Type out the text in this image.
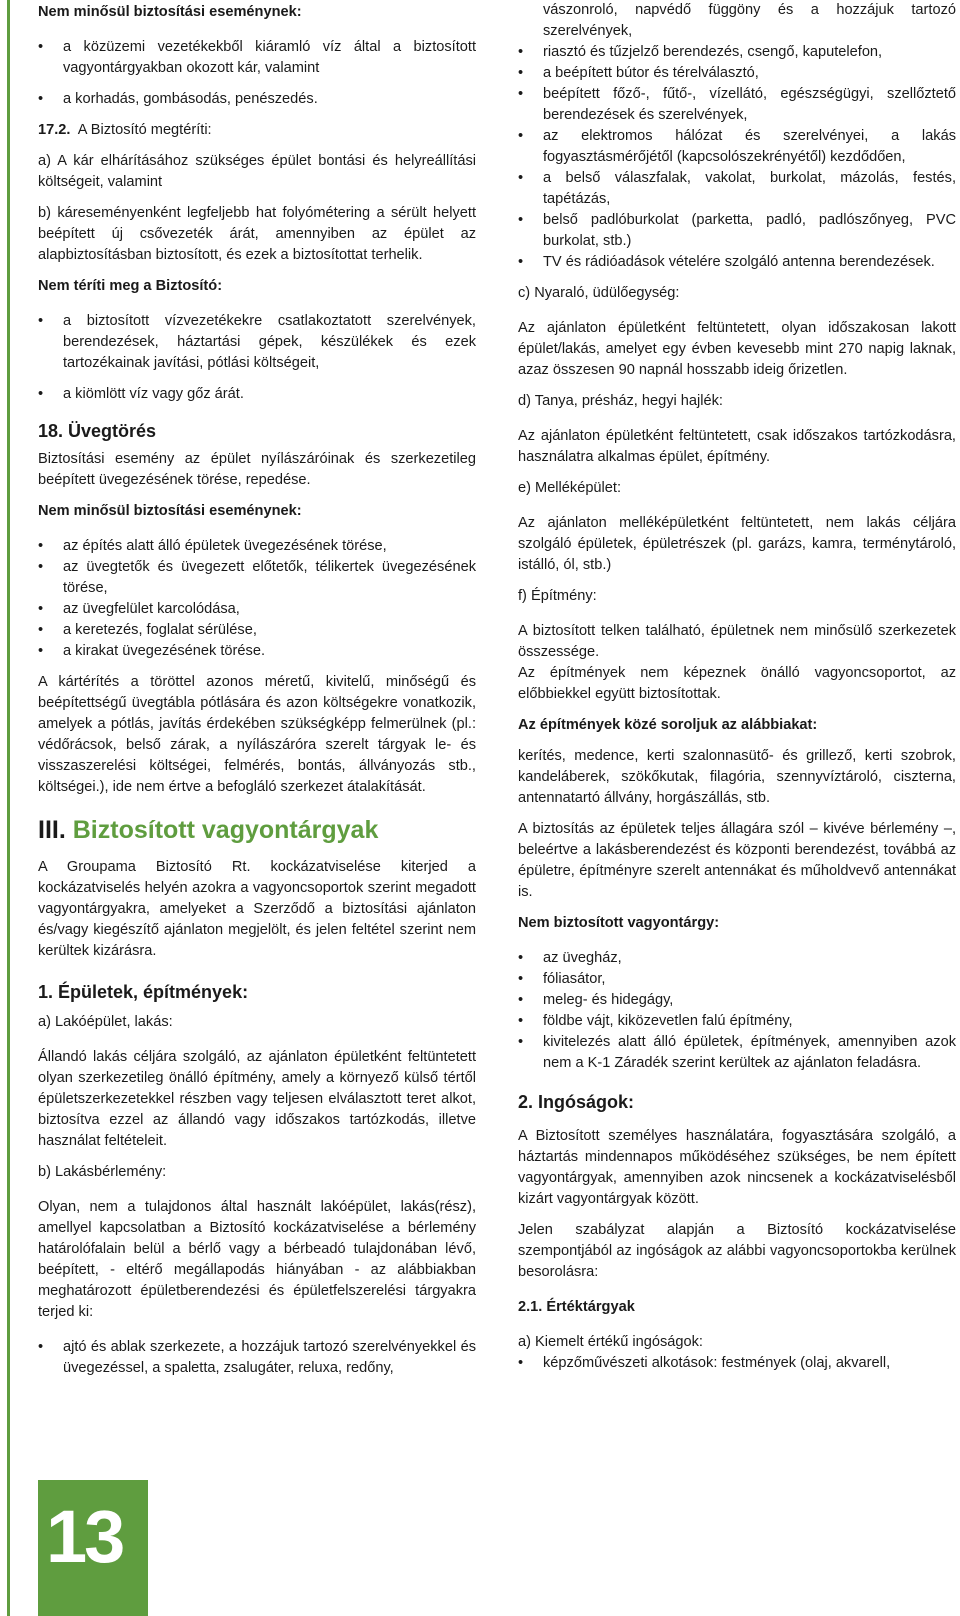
Nem minősül biztosítási eseménynek:

• a közüzemi vezetékekből kiáramló víz által a biztosított vagyontárgyakban okozott kár, valamint
• a korhadás, gombásodás, penészedés.

17.2. A Biztosító megtéríti:

a) A kár elhárításához szükséges épület bontási és helyreállítási költségeit, valamint

b) káreseményenként legfeljebb hat folyómétering a sérült helyett beépített új csővezeték árát, amennyiben az épület az alapbiztosításban biztosított, és ezek a biztosítottat terhelik.

Nem téríti meg a Biztosító:

• a biztosított vízvezetékekre csatlakoztatott szerelvények, berendezések, háztartási gépek, készülékek és ezek tartozékainak javítási, pótlási költségeit,
• a kiömlött víz vagy gőz árát.

18. Üvegtörés

Biztosítási esemény az épület nyílászáróinak és szerkezetileg beépített üvegezésének törése, repedése.

Nem minősül biztosítási eseménynek:

• az építés alatt álló épületek üvegezésének törése,
• az üvegtetők és üvegezett előtetők, télikertek üvegezésének törése,
• az üvegfelület karcolódása,
• a keretezés, foglalat sérülése,
• a kirakat üvegezésének törése.

A kártérítés a töröttel azonos méretű, kivitelű, minőségű és beépítettségű üvegtábla pótlására és azon költségekre vonatkozik, amelyek a pótlás, javítás érdekében szükségképp felmerülnek (pl.: védőrácsok, belső zárak, a nyílászáróra szerelt tárgyak le- és visszaszerelési költségei, felmérés, bontás, állványozás stb., költségei.), ide nem értve a befogláló szerkezet átalakítását.

III. Biztosított vagyontárgyak

A Groupama Biztosító Rt. kockázatviselése kiterjed a kockázatviselés helyén azokra a vagyoncsoportok szerint megadott vagyontárgyakra, amelyeket a Szerződő a biztosítási ajánlaton és/vagy kiegészítő ajánlaton megjelölt, és jelen feltétel szerint nem kerültek kizárásra.

1. Épületek, építmények:

a) Lakóépület, lakás:

Állandó lakás céljára szolgáló, az ajánlaton épületként feltüntetett olyan szerkezetileg önálló építmény, amely a környező külső tértől épületszerkezetekkel részben vagy teljesen elválasztott teret alkot, biztosítva ezzel az állandó vagy időszakos tartózkodás, illetve használat feltételeit.

b) Lakásbérlemény:

Olyan, nem a tulajdonos által használt lakóépület, lakás(rész), amellyel kapcsolatban a Biztosító kockázatviselése a bérlemény határolófalain belül a bérlő vagy a bérbeadó tulajdonában lévő, beépített, - eltérő megállapodás hiányában - az alábbiakban meghatározott épületberendezési és épületfelszerelési tárgyakra terjed ki:

• ajtó és ablak szerkezete, a hozzájuk tartozó szerelvényekkel és üvegezéssel, a spaletta, zsalugáter, reluxa, redőny,
vászonroló, napvédő függöny és a hozzájuk tartozó szerelvények,
• riasztó és tűzjelző berendezés, csengő, kaputelefon,
• a beépített bútor és térelválasztó,
• beépített főző-, fűtő-, vízellátó, egészségügyi, szellőztető berendezések és szerelvények,
• az elektromos hálózat és szerelvényei, a lakás fogyasztásmérőjétől (kapcsolószekrényétől) kezdődően,
• a belső válaszfalak, vakolat, burkolat, mázolás, festés, tapétázás,
• belső padlóburkolat (parketta, padló, padlószőnyeg, PVC burkolat, stb.)
• TV és rádióadások vételére szolgáló antenna berendezések.

c) Nyaraló, üdülőegység:

Az ajánlaton épületként feltüntetett, olyan időszakosan lakott épület/lakás, amelyet egy évben kevesebb mint 270 napig laknak, azaz összesen 90 napnál hosszabb ideig őrizetlen.

d) Tanya, présház, hegyi hajlék:

Az ajánlaton épületként feltüntetett, csak időszakos tartózkodásra, használatra alkalmas épület, építmény.

e) Melléképület:

Az ajánlaton melléképületként feltüntetett, nem lakás céljára szolgáló épületek, épületrészek (pl. garázs, kamra, terménytároló, istálló, ól, stb.)

f) Építmény:

A biztosított telken található, épületnek nem minősülő szerkezetek összessége.

Az építmények nem képeznek önálló vagyoncsoportot, az előbbiekkel együtt biztosítottak.

Az építmények közé soroljuk az alábbiakat:

kerítés, medence, kerti szalonnasütő- és grillező, kerti szobrok, kandeláberek, szökőkutak, filagória, szennyvíztároló, ciszterna, antennatartó állvány, horgászállás, stb.

A biztosítás az épületek teljes állagára szól – kivéve bérlemény –, beleértve a lakásberendezést és központi berendezést, továbbá az épületre, építményre szerelt antennákat és műholdvevő antennákat is.

Nem biztosított vagyontárgy:

• az üvegház,
• fóliasátor,
• meleg- és hidegágy,
• földbe vájt, kiközevetlen falú építmény,
• kivitelezés alatt álló épületek, építmények, amennyiben azok nem a K-1 Záradék szerint kerültek az ajánlaton feladásra.

2. Ingóságok:

A Biztosított személyes használatára, fogyasztására szolgáló, a háztartás mindennapos működéséhez szükséges, be nem épített vagyontárgyak, amennyiben azok nincsenek a kockázatviselésből kizárt vagyontárgyak között.

Jelen szabályzat alapján a Biztosító kockázatviselése szempontjából az ingóságok az alábbi vagyoncsoportokba kerülnek besorolásra:

2.1. Értéktárgyak

a) Kiemelt értékű ingóságok:

• képzőművészeti alkotások: festmények (olaj, akvarell,
13
